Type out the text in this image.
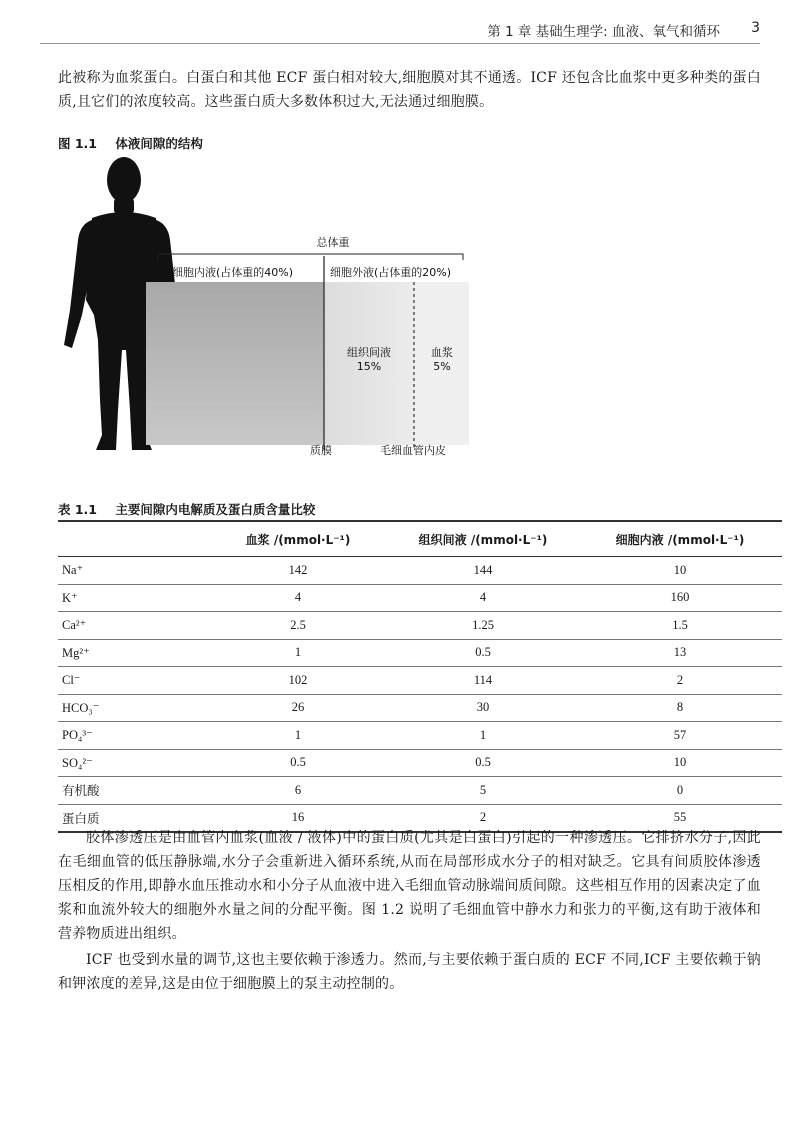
第 1 章 基础生理学: 血液、氧气和循环 3
此被称为血浆蛋白。白蛋白和其他 ECF 蛋白相对较大,细胞膜对其不通透。ICF 还包含比血浆中更多种类的蛋白质,且它们的浓度较高。这些蛋白质大多数体积过大,无法通过细胞膜。
图 1.1 体液间隙的结构
总体重
细胞内液(占体重的40%)	细胞外液(占体重的20%)
组织间液
15%
血浆
5%
质膜	毛细血管内皮
表 1.1 主要间隙内电解质及蛋白质含量比较
	血浆 /(mmol·L⁻¹)	组织间液 /(mmol·L⁻¹)	细胞内液 /(mmol·L⁻¹)
Na⁺	142	144	10
K⁺	4	4	160
Ca²⁺	2.5	1.25	1.5
Mg²⁺	1	0.5	13
Cl⁻	102	114	2
HCO₃⁻	26	30	8
PO₄³⁻	1	1	57
SO₄²⁻	0.5	0.5	10
有机酸	6	5	0
蛋白质	16	2	55
胶体渗透压是由血管内血浆(血液 / 液体)中的蛋白质(尤其是白蛋白)引起的一种渗透压。它排挤水分子,因此在毛细血管的低压静脉端,水分子会重新进入循环系统,从而在局部形成水分子的相对缺乏。它具有间质胶体渗透压相反的作用,即静水血压推动水和小分子从血液中进入毛细血管动脉端间质间隙。这些相互作用的因素决定了血浆和血流外较大的细胞外水量之间的分配平衡。图 1.2 说明了毛细血管中静水力和张力的平衡,这有助于液体和营养物质进出组织。
ICF 也受到水量的调节,这也主要依赖于渗透力。然而,与主要依赖于蛋白质的 ECF 不同,ICF 主要依赖于钠和钾浓度的差异,这是由位于细胞膜上的泵主动控制的。
